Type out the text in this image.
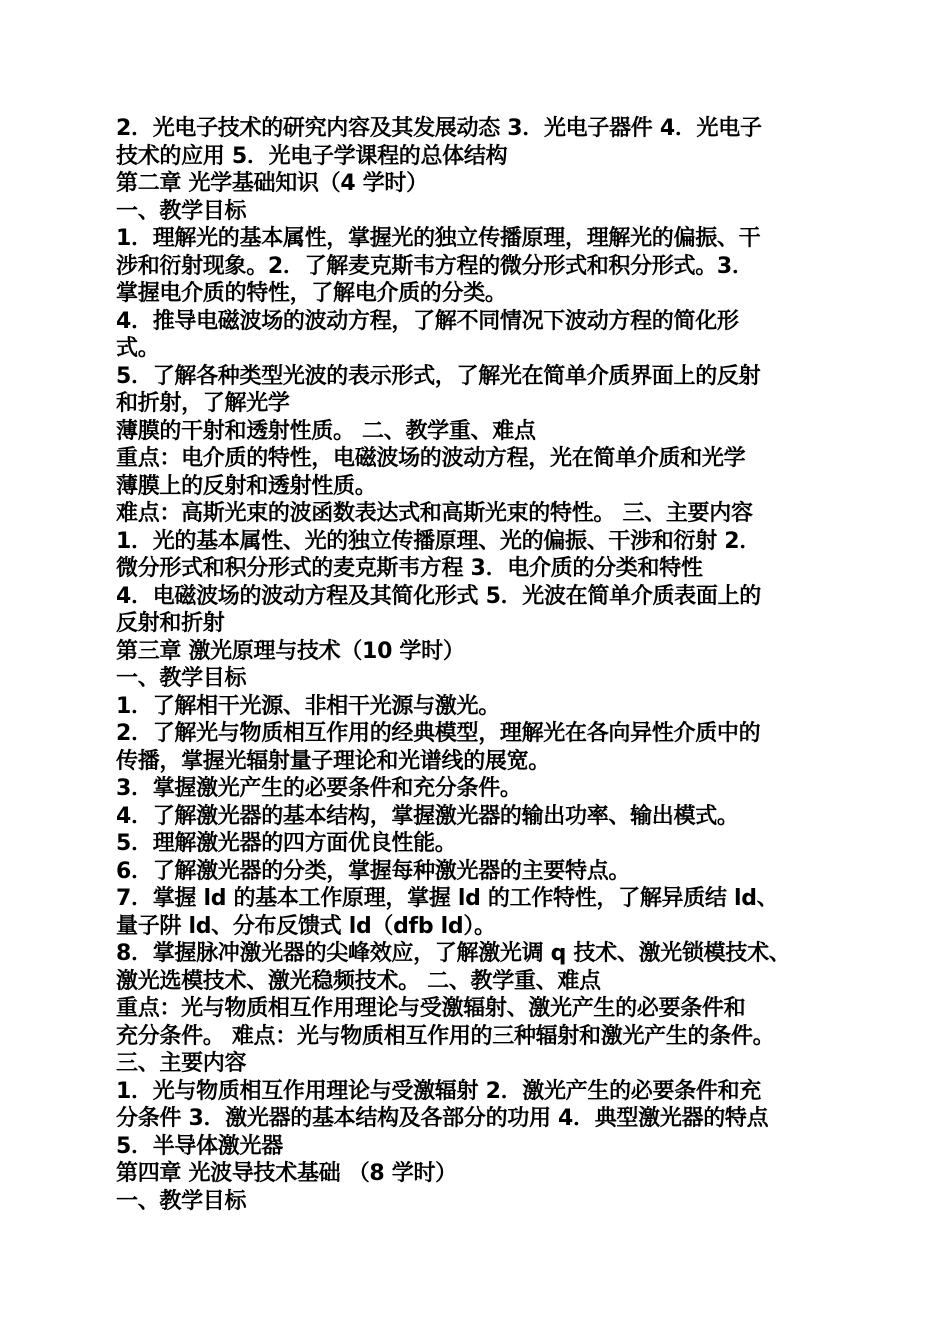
2．光电子技术的研究内容及其发展动态 3．光电子器件 4．光电子
技术的应用 5．光电子学课程的总体结构
第二章 光学基础知识（4 学时）
一、教学目标
1．理解光的基本属性，掌握光的独立传播原理，理解光的偏振、干
涉和衍射现象。2．了解麦克斯韦方程的微分形式和积分形式。3．
掌握电介质的特性，了解电介质的分类。
4．推导电磁波场的波动方程，了解不同情况下波动方程的简化形
式。
5．了解各种类型光波的表示形式，了解光在简单介质界面上的反射
和折射，了解光学
薄膜的干射和透射性质。 二、教学重、难点
重点：电介质的特性，电磁波场的波动方程，光在简单介质和光学
薄膜上的反射和透射性质。
难点：高斯光束的波函数表达式和高斯光束的特性。 三、主要内容
1．光的基本属性、光的独立传播原理、光的偏振、干涉和衍射 2．
微分形式和积分形式的麦克斯韦方程 3．电介质的分类和特性
4．电磁波场的波动方程及其简化形式 5．光波在简单介质表面上的
反射和折射
第三章 激光原理与技术（10 学时）
一、教学目标
1．了解相干光源、非相干光源与激光。
2．了解光与物质相互作用的经典模型，理解光在各向异性介质中的
传播，掌握光辐射量子理论和光谱线的展宽。
3．掌握激光产生的必要条件和充分条件。
4．了解激光器的基本结构，掌握激光器的输出功率、输出模式。
5．理解激光器的四方面优良性能。
6．了解激光器的分类，掌握每种激光器的主要特点。
7．掌握 ld 的基本工作原理，掌握 ld 的工作特性，了解异质结 ld、
量子阱 ld、分布反馈式 ld（dfb ld）。
8．掌握脉冲激光器的尖峰效应，了解激光调 q 技术、激光锁模技术、
激光选模技术、激光稳频技术。 二、教学重、难点
重点：光与物质相互作用理论与受激辐射、激光产生的必要条件和
充分条件。 难点：光与物质相互作用的三种辐射和激光产生的条件。
三、主要内容
1．光与物质相互作用理论与受激辐射 2．激光产生的必要条件和充
分条件 3．激光器的基本结构及各部分的功用 4．典型激光器的特点
5．半导体激光器
第四章 光波导技术基础 （8 学时）
一、教学目标
